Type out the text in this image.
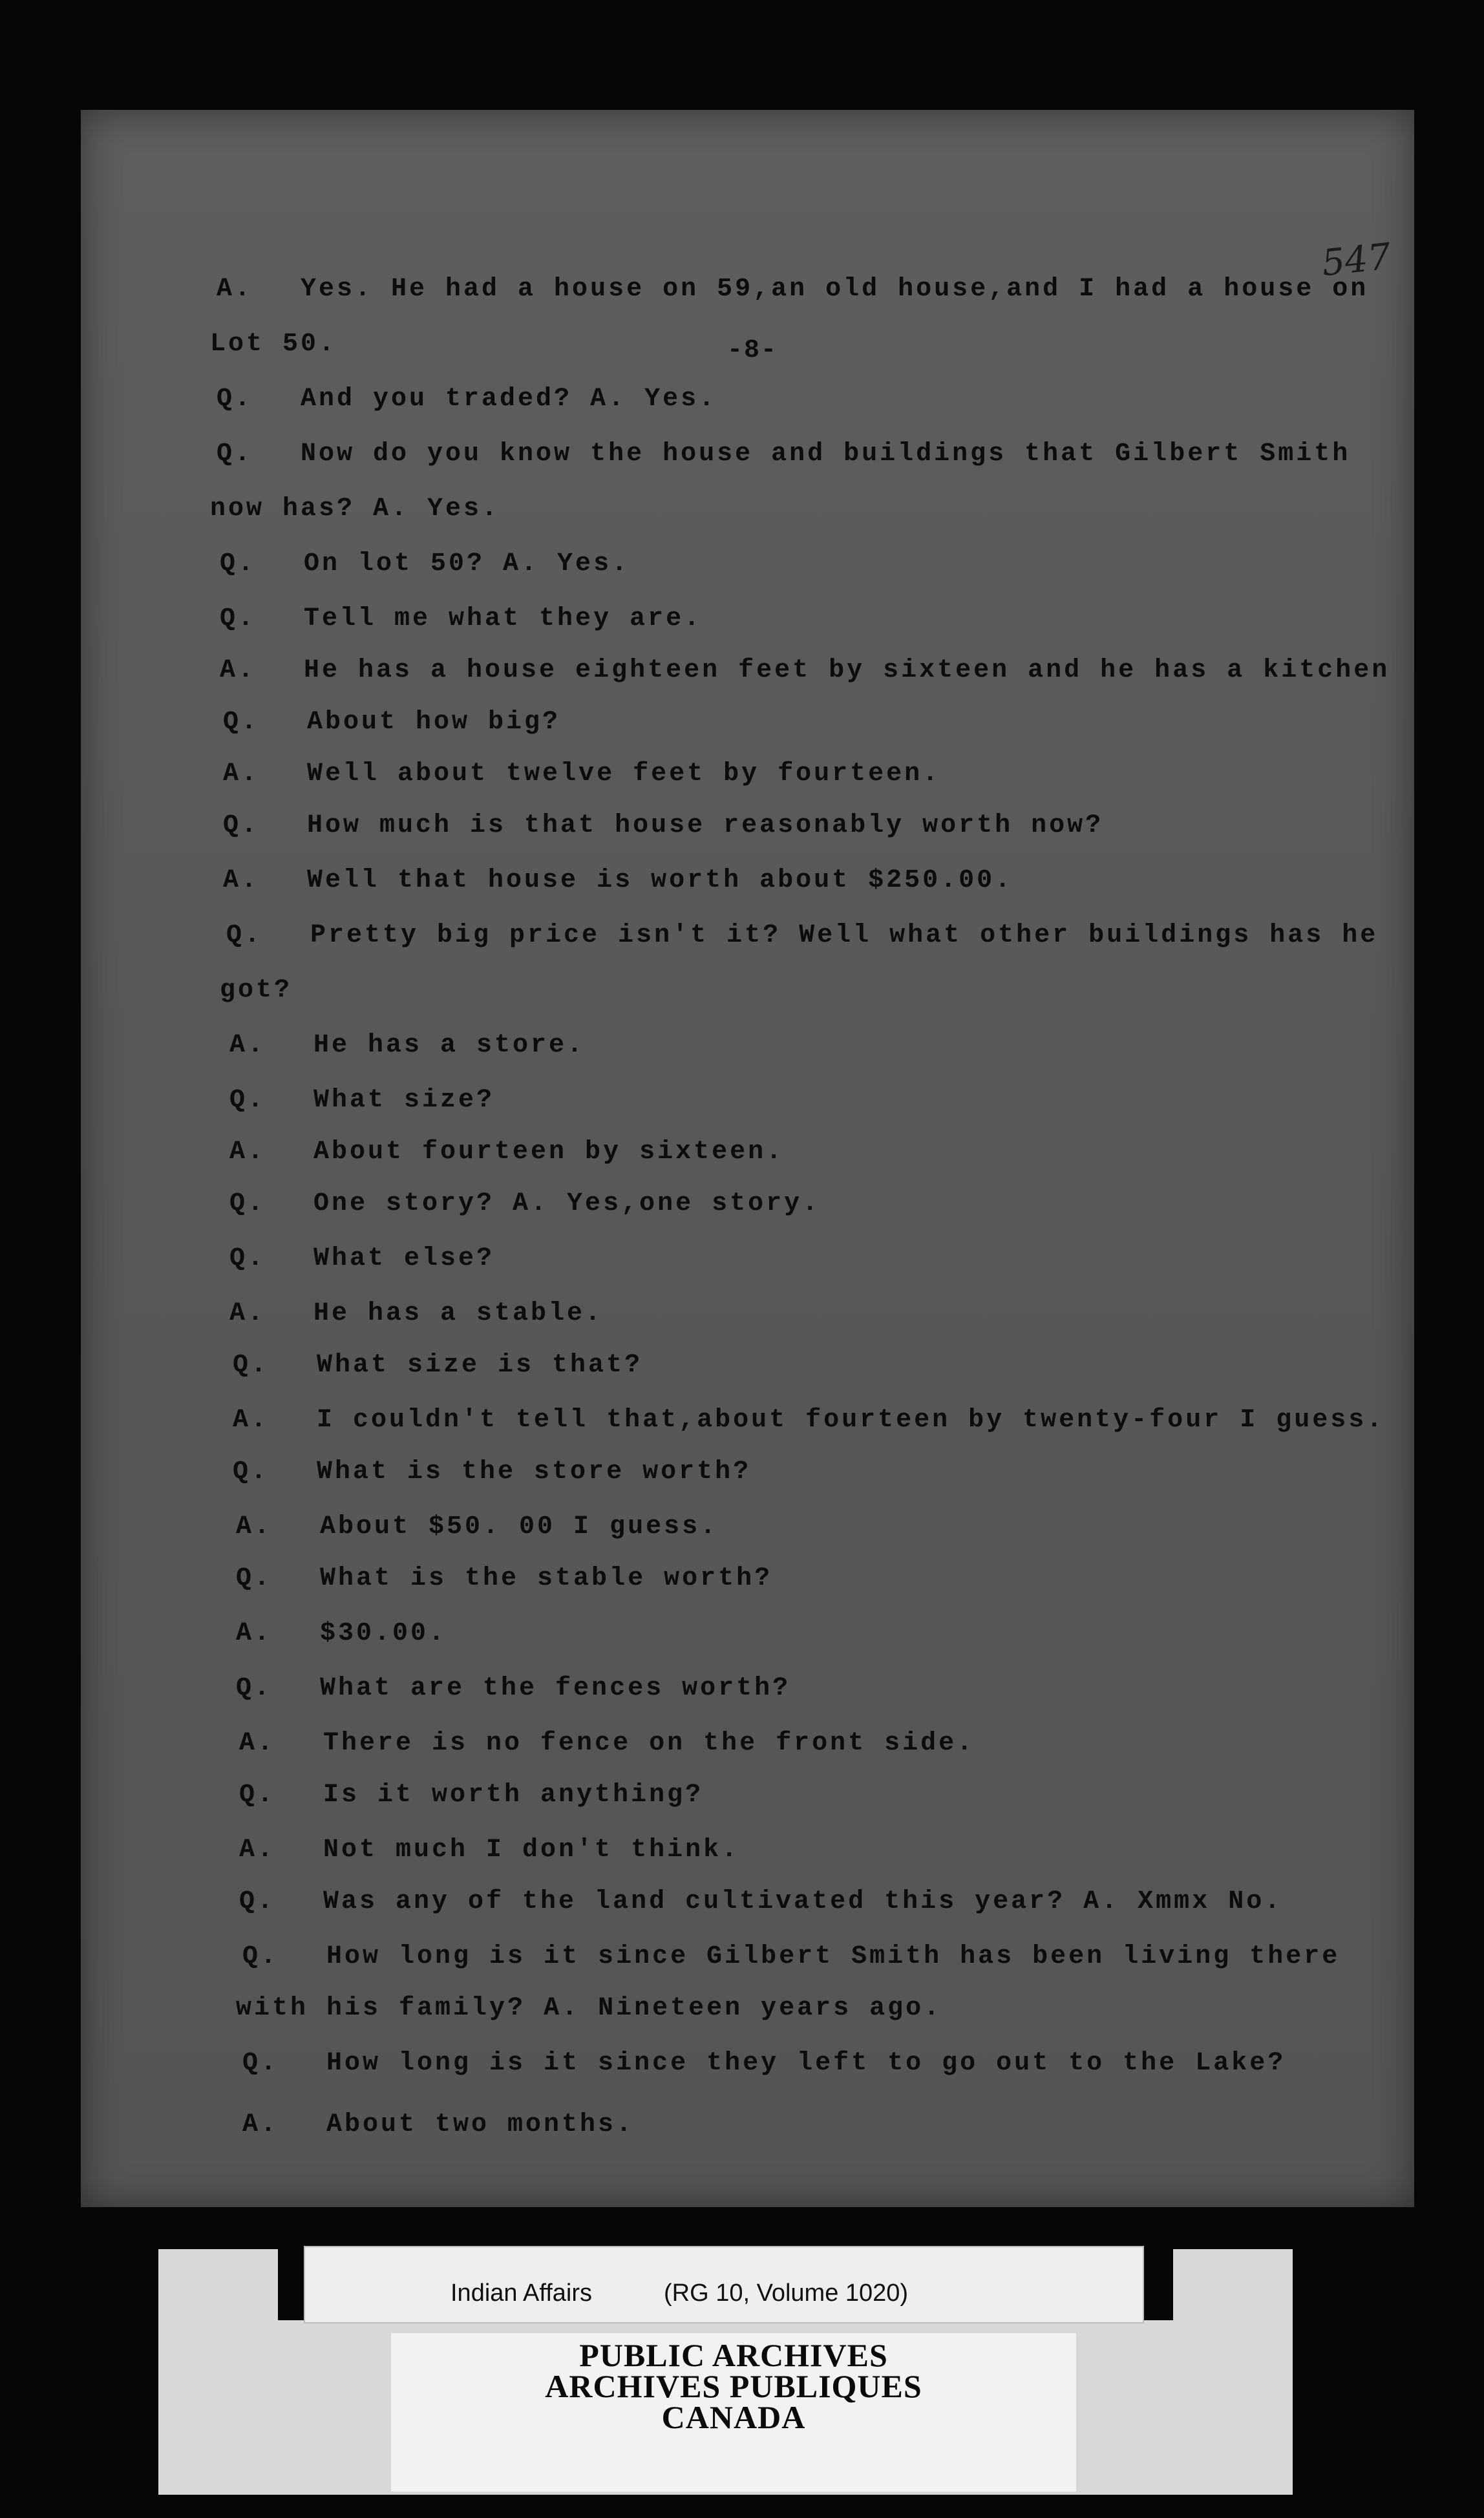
547
-8-
A. Yes. He had a house on 59,an old house,and I had a house on
Lot 50.
Q. And you traded? A. Yes.
Q. Now do you know the house and buildings that Gilbert Smith
now has? A. Yes.
Q. On lot 50? A. Yes.
Q. Tell me what they are.
A. He has a house eighteen feet by sixteen and he has a kitchen
Q. About how big?
A. Well about twelve feet by fourteen.
Q. How much is that house reasonably worth now?
A. Well that house is worth about $250.00.
Q. Pretty big price isn't it? Well what other buildings has he
got?
A. He has a store.
Q. What size?
A. About fourteen by sixteen.
Q. One story? A. Yes,one story.
Q. What else?
A. He has a stable.
Q. What size is that?
A. I couldn't tell that,about fourteen by twenty-four I guess.
Q. What is the store worth?
A. About $50. 00 I guess.
Q. What is the stable worth?
A. $30.00.
Q. What are the fences worth?
A. There is no fence on the front side.
Q. Is it worth anything?
A. Not much I don't think.
Q. Was any of the land cultivated this year? A. Xmmx No.
Q. How long is it since Gilbert Smith has been living there
with his family? A. Nineteen years ago.
Q. How long is it since they left to go out to the Lake?
A. About two months.
Indian Affairs	(RG 10, Volume 1020)
PUBLIC ARCHIVES
ARCHIVES PUBLIQUES
CANADA
